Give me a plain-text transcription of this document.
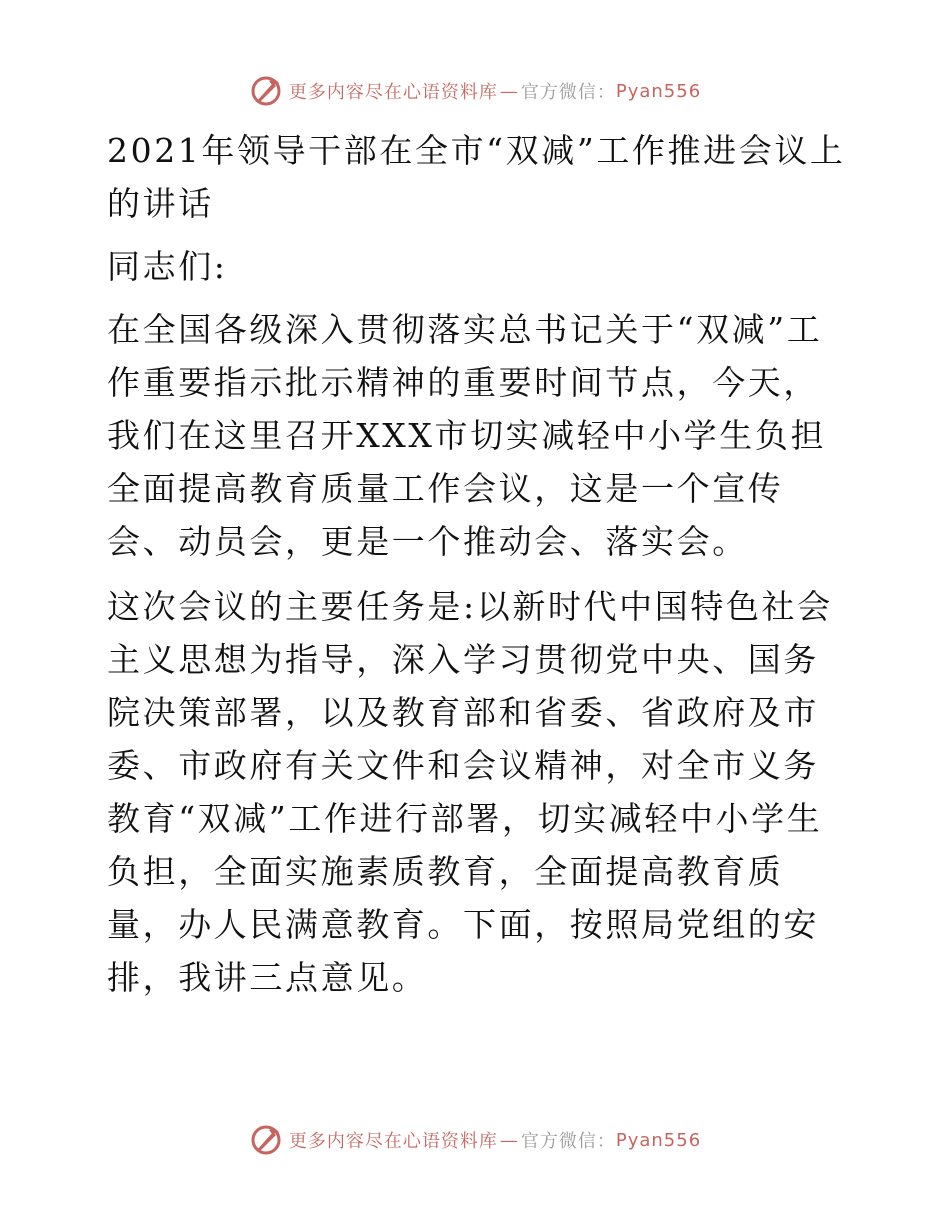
更多内容尽在心语资料库 — 官方微信： Pyan556

2021年领导干部在全市“双减”工作推进会议上的讲话

同志们:

在全国各级深入贯彻落实总书记关于“双减”工作重要指示批示精神的重要时间节点，今天，我们在这里召开XXX市切实减轻中小学生负担全面提高教育质量工作会议，这是一个宣传会、动员会，更是一个推动会、落实会。

这次会议的主要任务是:以新时代中国特色社会主义思想为指导，深入学习贯彻党中央、国务院决策部署，以及教育部和省委、省政府及市委、市政府有关文件和会议精神，对全市义务教育“双减”工作进行部署，切实减轻中小学生负担，全面实施素质教育，全面提高教育质量，办人民满意教育。下面，按照局党组的安排，我讲三点意见。

更多内容尽在心语资料库 — 官方微信： Pyan556
